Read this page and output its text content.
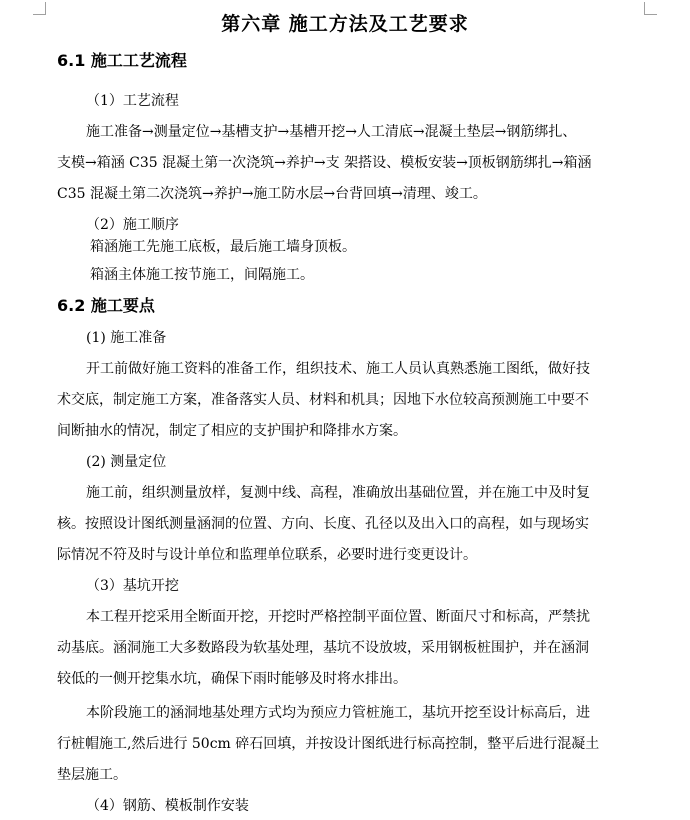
第六章 施工方法及工艺要求
6.1 施工工艺流程

（1）工艺流程

施工准备→测量定位→基槽支护→基槽开挖→人工清底→混凝土垫层→钢筋绑扎、

支模→箱涵 C35 混凝土第一次浇筑→养护→支 架搭设、模板安装→顶板钢筋绑扎→箱涵

C35 混凝土第二次浇筑→养护→施工防水层→台背回填→清理、竣工。

（2）施工顺序

箱涵施工先施工底板，最后施工墙身顶板。

箱涵主体施工按节施工，间隔施工。

6.2 施工要点

(1) 施工准备

开工前做好施工资料的准备工作，组织技术、施工人员认真熟悉施工图纸，做好技

术交底，制定施工方案，准备落实人员、材料和机具；因地下水位较高预测施工中要不

间断抽水的情况，制定了相应的支护围护和降排水方案。

(2) 测量定位

施工前，组织测量放样，复测中线、高程，准确放出基础位置，并在施工中及时复

核。按照设计图纸测量涵洞的位置、方向、长度、孔径以及出入口的高程，如与现场实

际情况不符及时与设计单位和监理单位联系，必要时进行变更设计。

（3）基坑开挖

本工程开挖采用全断面开挖，开挖时严格控制平面位置、断面尺寸和标高，严禁扰

动基底。涵洞施工大多数路段为软基处理，基坑不设放坡，采用钢板桩围护，并在涵洞

较低的一侧开挖集水坑，确保下雨时能够及时将水排出。

本阶段施工的涵洞地基处理方式均为预应力管桩施工，基坑开挖至设计标高后，进

行桩帽施工,然后进行 50cm 碎石回填，并按设计图纸进行标高控制，整平后进行混凝土

垫层施工。

（4）钢筋、模板制作安装
